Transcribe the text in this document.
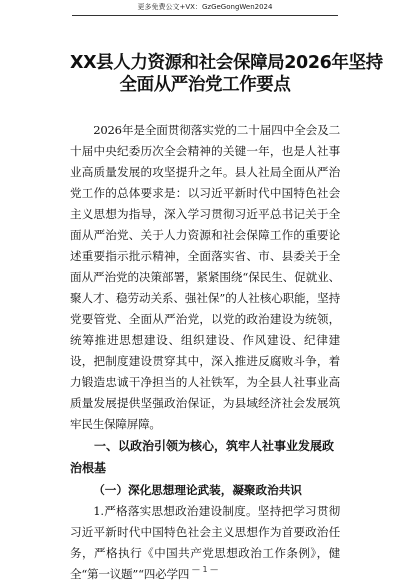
更多免费公文+VX：GzGeGongWen2024
XX县人力资源和社会保障局2026年坚持
全面从严治党工作要点

2026年是全面贯彻落实党的二十届四中全会及二十届中央纪委历次全会精神的关键一年，也是人社事业高质量发展的攻坚提升之年。县人社局全面从严治党工作的总体要求是：以习近平新时代中国特色社会主义思想为指导，深入学习贯彻习近平总书记关于全面从严治党、关于人力资源和社会保障工作的重要论述重要指示批示精神，全面落实省、市、县委关于全面从严治党的决策部署，紧紧围绕“保民生、促就业、聚人才、稳劳动关系、强社保”的人社核心职能，坚持党要管党、全面从严治党，以党的政治建设为统领，统筹推进思想建设、组织建设、作风建设、纪律建设，把制度建设贯穿其中，深入推进反腐败斗争，着力锻造忠诚干净担当的人社铁军，为全县人社事业高质量发展提供坚强政治保证，为县域经济社会发展筑牢民生保障屏障。

一、以政治引领为核心，筑牢人社事业发展政治根基

（一）深化思想理论武装，凝聚政治共识

1.严格落实思想政治建设制度。坚持把学习贯彻习近平新时代中国特色社会主义思想作为首要政治任务，严格执行《中国共产党思想政治工作条例》，健全“第一议题”“四必学四 — 1 —
